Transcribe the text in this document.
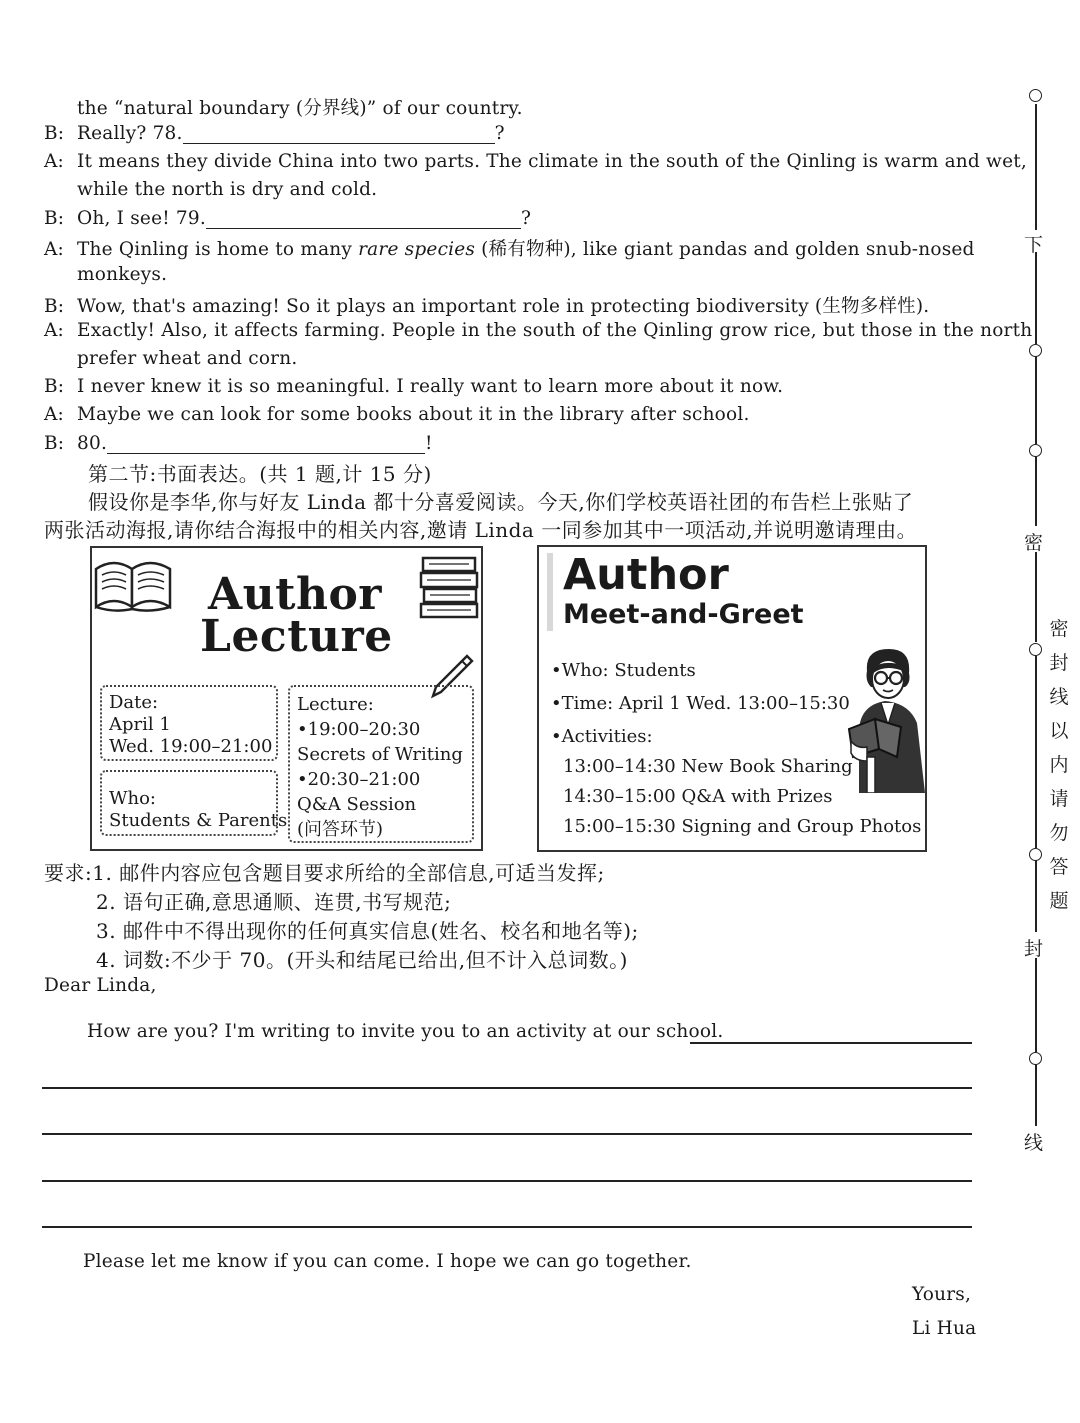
the “natural boundary (分界线)” of our country.
B: Really? 78.	?
A: It means they divide China into two parts. The climate in the south of the Qinling is warm and wet,
while the north is dry and cold.
B: Oh, I see! 79.	?
A: The Qinling is home to many rare species (稀有物种), like giant pandas and golden snub-nosed
monkeys.
B: Wow, that's amazing! So it plays an important role in protecting biodiversity (生物多样性).
A: Exactly! Also, it affects farming. People in the south of the Qinling grow rice, but those in the north
prefer wheat and corn.
B: I never knew it is so meaningful. I really want to learn more about it now.
A: Maybe we can look for some books about it in the library after school.
B: 80.	!
第二节:书面表达。(共 1 题,计 15 分)
假设你是李华,你与好友 Linda 都十分喜爱阅读。今天,你们学校英语社团的布告栏上张贴了
两张活动海报,请你结合海报中的相关内容,邀请 Linda 一同参加其中一项活动,并说明邀请理由。
Author
Lecture
Date:
April 1
Wed. 19:00–21:00
Who:
Students & Parents
Lecture:
•19:00–20:30
Secrets of Writing
•20:30–21:00
Q&A Session
(问答环节)
Author
Meet-and-Greet
•Who: Students
•Time: April 1 Wed. 13:00–15:30
•Activities:
13:00–14:30 New Book Sharing
14:30–15:00 Q&A with Prizes
15:00–15:30 Signing and Group Photos
要求:1. 邮件内容应包含题目要求所给的全部信息,可适当发挥;
2. 语句正确,意思通顺、连贯,书写规范;
3. 邮件中不得出现你的任何真实信息(姓名、校名和地名等);
4. 词数:不少于 70。(开头和结尾已给出,但不计入总词数。)
Dear Linda,
How are you? I'm writing to invite you to an activity at our school.
Please let me know if you can come. I hope we can go together.
Yours,
Li Hua
下
密
封
线
密封线以内请勿答题
